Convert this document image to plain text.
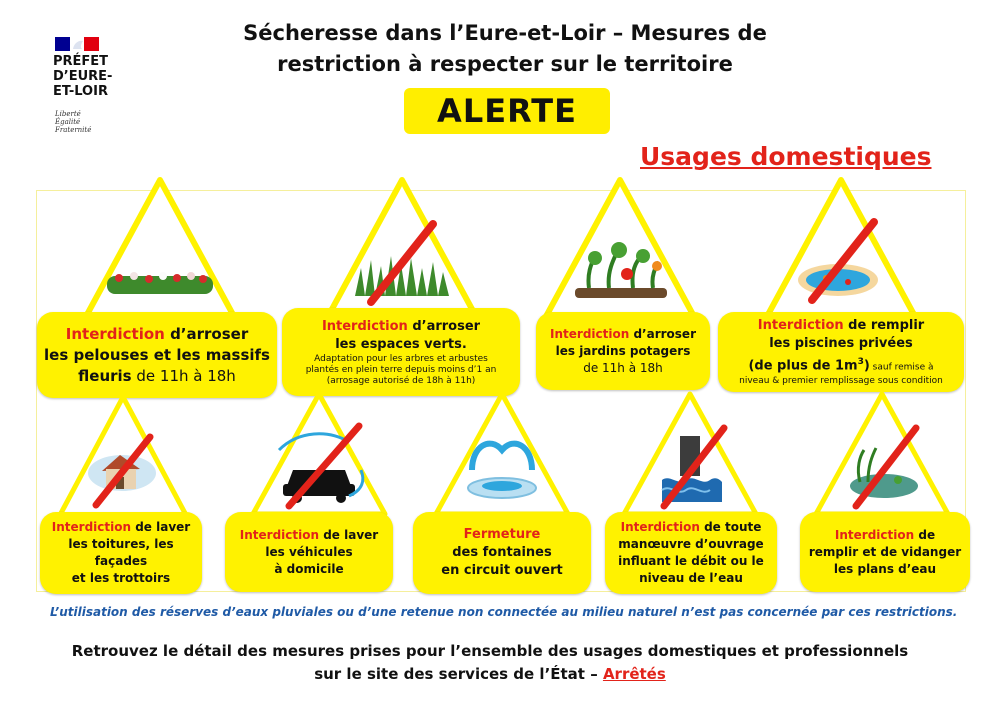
PRÉFET
D’EURE-
ET-LOIR
Liberté
Égalité
Fraternité
Sécheresse dans l’Eure-et-Loir – Mesures de
restriction à respecter sur le territoire
ALERTE
Usages domestiques
Interdiction d’arroser
les pelouses et les massifs
fleuris de 11h à 18h
Interdiction d’arroser
les espaces verts.
Adaptation pour les arbres et arbustes
plantés en plein terre depuis moins d’1 an
(arrosage autorisé de 18h à 11h)
Interdiction d’arroser
les jardins potagers
de 11h à 18h
Interdiction de remplir
les piscines privées
(de plus de $1m^3$) sauf remise à
niveau & premier remplissage sous condition
Interdiction de laver
les toitures, les façades
et les trottoirs
Interdiction de laver
les véhicules
à domicile
Fermeture
des fontaines
en circuit ouvert
Interdiction de toute
manœuvre d’ouvrage
influant le débit ou le
niveau de l’eau
Interdiction de
remplir et de vidanger
les plans d’eau
L’utilisation des réserves d’eaux pluviales ou d’une retenue non connectée au milieu naturel n’est pas concernée par ces restrictions.
Retrouvez le détail des mesures prises pour l’ensemble des usages domestiques et professionnels
sur le site des services de l’État – Arrêtés
